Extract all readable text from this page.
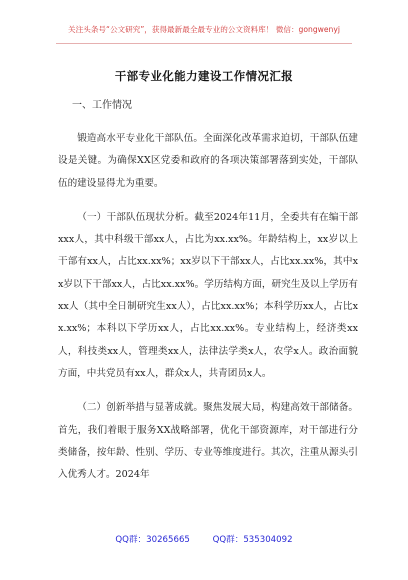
关注头条号“公文研究”，获得最新最全最专业的公文资料库！ 微信：gongwenyj
干部专业化能力建设工作情况汇报
一、工作情况

锻造高水平专业化干部队伍。全面深化改革需求迫切，干部队伍建设是关键。为确保XX区党委和政府的各项决策部署落到实处，干部队伍的建设显得尤为重要。

（一）干部队伍现状分析。截至2024年11月，全委共有在编干部xxx人，其中科级干部xx人，占比为xx.xx%。年龄结构上，xx岁以上干部有xx人，占比xx.xx%；xx岁以下干部xx人，占比xx.xx%，其中xx岁以下干部xx人，占比xx.xx%。学历结构方面，研究生及以上学历有xx人（其中全日制研究生xx人），占比xx.xx%；本科学历xx人，占比xx.xx%；本科以下学历xx人，占比xx.xx%。专业结构上，经济类xx人，科技类xx人，管理类xx人，法律法学类x人，农学x人。政治面貌方面，中共党员有xx人，群众x人，共青团员x人。

（二）创新举措与显著成就。聚焦发展大局，构建高效干部储备。首先，我们着眼于服务XX战略部署，优化干部资源库，对干部进行分类储备，按年龄、性别、学历、专业等维度进行。其次，注重从源头引入优秀人才。2024年

QQ群：30265665	QQ群：535304092
